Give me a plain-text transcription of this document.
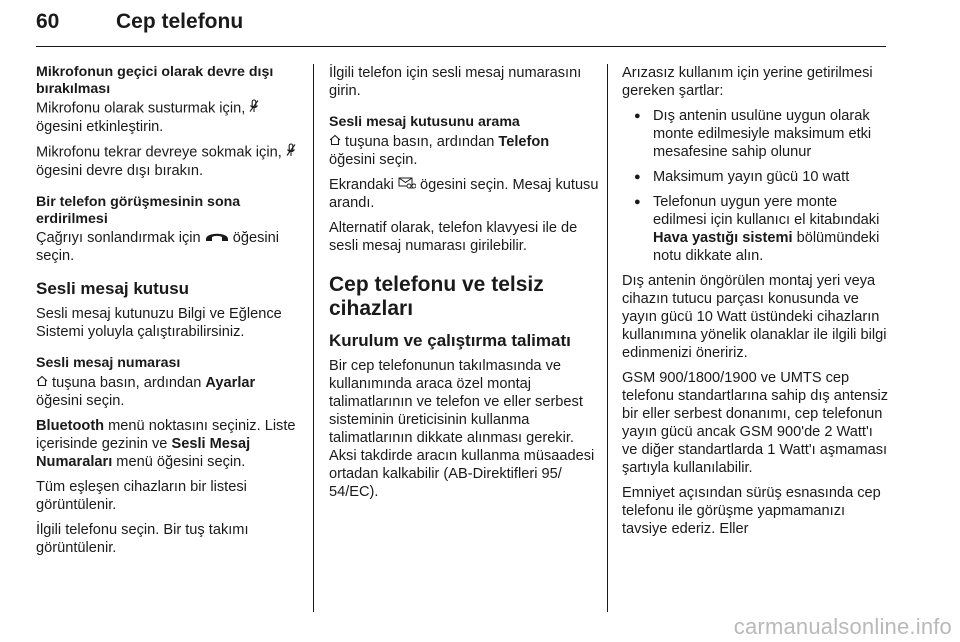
60	Cep telefonu
Mikrofonun geçici olarak devre dışı bırakılması

Mikrofonu olarak susturmak için,  ögesini etkinleştirin.

Mikrofonu tekrar devreye sokmak için,  ögesini devre dışı bırakın.

Bir telefon görüşmesinin sona erdirilmesi

Çağrıyı sonlandırmak için  öğesini seçin.

Sesli mesaj kutusu

Sesli mesaj kutunuzu Bilgi ve Eğlence Sistemi yoluyla çalıştırabilirsiniz.

Sesli mesaj numarası

tuşuna basın, ardından Ayarlar öğesini seçin.

Bluetooth menü noktasını seçiniz. Liste içerisinde gezinin ve Sesli Mesaj Numaraları menü öğesini seçin.

Tüm eşleşen cihazların bir listesi görüntülenir.

İlgili telefonu seçin. Bir tuş takımı görüntülenir.

İlgili telefon için sesli mesaj numarasını girin.

Sesli mesaj kutusunu arama

tuşuna basın, ardından Telefon öğesini seçin.

Ekrandaki  ögesini seçin. Mesaj kutusu arandı.

Alternatif olarak, telefon klavyesi ile de sesli mesaj numarası girilebilir.

Cep telefonu ve telsiz cihazları
Kurulum ve çalıştırma talimatı

Bir cep telefonunun takılmasında ve kullanımında araca özel montaj talimatlarının ve telefon ve eller serbest sisteminin üreticisinin kullanma talimatlarının dikkate alınması gerekir. Aksi takdirde aracın kullanma müsaadesi ortadan kalkabilir (AB-Direktifleri 95/ 54/EC).

Arızasız kullanım için yerine getirilmesi gereken şartlar:

● Dış antenin usulüne uygun olarak monte edilmesiyle maksimum etki mesafesine sahip olunur
● Maksimum yayın gücü 10 watt
● Telefonun uygun yere monte edilmesi için kullanıcı el kitabındaki Hava yastığı sistemi bölümündeki notu dikkate alın.

Dış antenin öngörülen montaj yeri veya cihazın tutucu parçası konusunda ve yayın gücü 10 Watt üstündeki cihazların kullanımına yönelik olanaklar ile ilgili bilgi edinmenizi öneririz.

GSM 900/1800/1900 ve UMTS cep telefonu standartlarına sahip dış antensiz bir eller serbest donanımı, cep telefonun yayın gücü ancak GSM 900'de 2 Watt'ı ve diğer standartlarda 1 Watt'ı aşmaması şartıyla kullanılabilir.

Emniyet açısından sürüş esnasında cep telefonu ile görüşme yapmamanızı tavsiye ederiz. Eller

carmanualsonline.info
